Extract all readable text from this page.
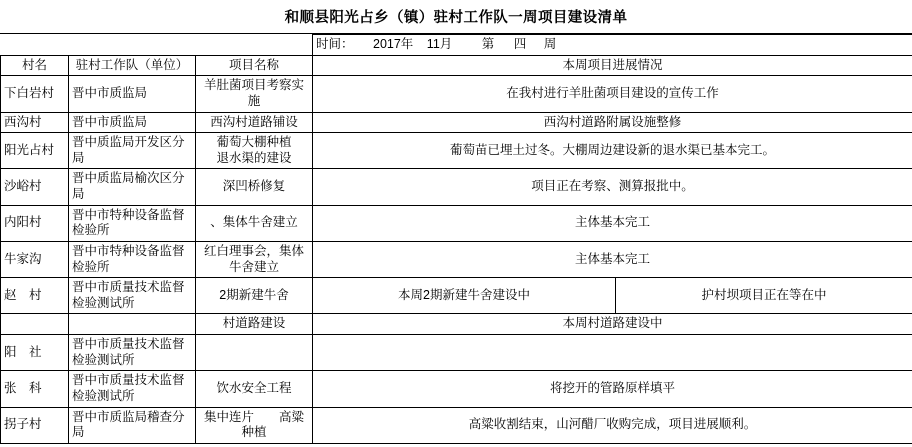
和顺县阳光占乡（镇）驻村工作队一周项目建设清单
			时间： 2017年 11月 第 四 周	
村名	驻村工作队（单位）	项目名称	本周项目进展情况	
下白岩村	晋中市质监局	羊肚菌项目考察实施	在我村进行羊肚菌项目建设的宣传工作	
西沟村	晋中市质监局	西沟村道路铺设	西沟村道路附属设施整修	
阳光占村	晋中质监局开发区分局	葡萄大棚种植　　退水渠的建设	葡萄苗已埋土过冬。大棚周边建设新的退水渠已基本完工。	
沙峪村	晋中质监局榆次区分局	深凹桥修复	项目正在考察、测算报批中。	
内阳村	晋中市特种设备监督检验所	、集体牛舍建立	主体基本完工	
牛家沟	晋中市特种设备监督检验所	红白理事会，集体牛舍建立	主体基本完工	
赵　村	晋中市质量技术监督检验测试所	2期新建牛舍	本周2期新建牛舍建设中	护村坝项目正在等在中
		村道路建设	本周村道路建设中	
阳　社	晋中市质量技术监督检验测试所			
张　科	晋中市质量技术监督检验测试所	饮水安全工程	将挖开的管路原样填平	
拐子村	晋中市质监局稽查分局	集中连片　　高粱种植	高粱收割结束，山河醋厂收购完成，项目进展顺利。	
